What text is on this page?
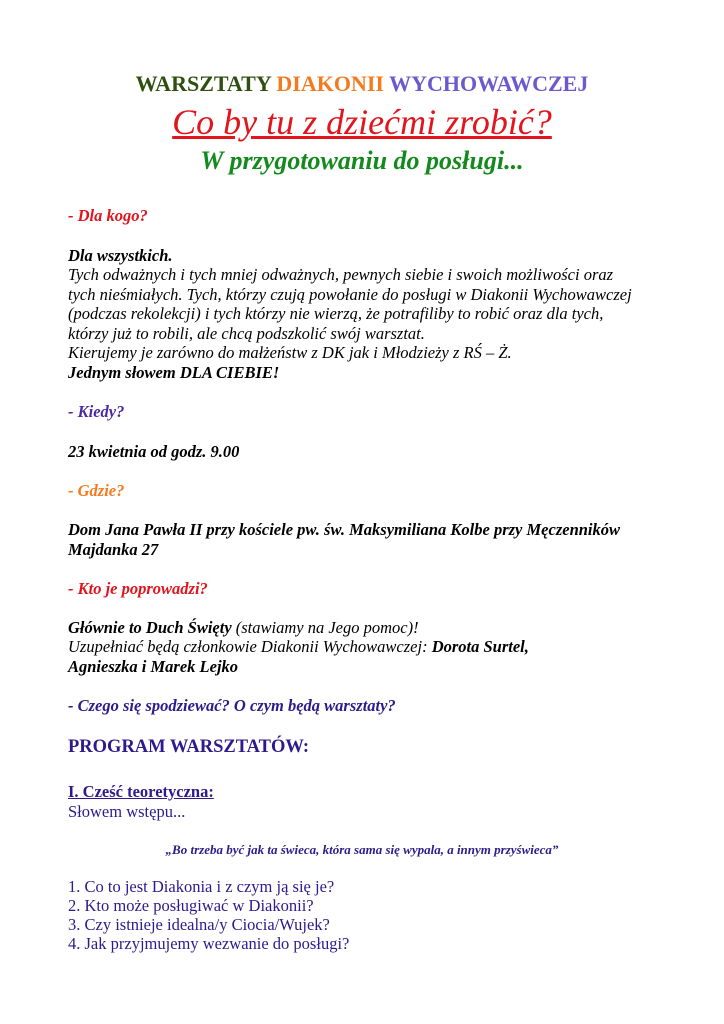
WARSZTATY DIAKONII WYCHOWAWCZEJ
Co by tu z dziećmi zrobić?
W przygotowaniu do posługi...
- Dla kogo?
Dla wszystkich.
Tych odważnych i tych mniej odważnych, pewnych siebie i swoich możliwości oraz
tych nieśmiałych. Tych, którzy czują powołanie do posługi w Diakonii Wychowawczej
(podczas rekolekcji) i tych którzy nie wierzą, że potrafiliby to robić oraz dla tych,
którzy już to robili, ale chcą podszkolić swój warsztat.
Kierujemy je zarówno do małżeństw z DK jak i Młodzieży z RŚ – Ż.
Jednym słowem DLA CIEBIE!
- Kiedy?
23 kwietnia od godz. 9.00
- Gdzie?
Dom Jana Pawła II przy kościele pw. św. Maksymiliana Kolbe przy Męczenników
Majdanka 27
- Kto je poprowadzi?
Głównie to Duch Święty (stawiamy na Jego pomoc)!
Uzupełniać będą członkowie Diakonii Wychowawczej: Dorota Surtel,
Agnieszka i Marek Lejko
- Czego się spodziewać? O czym będą warsztaty?
PROGRAM WARSZTATÓW:
I. Cześć teoretyczna:
Słowem wstępu...
„Bo trzeba być jak ta świeca, która sama się wypala, a innym przyświeca”
1. Co to jest Diakonia i z czym ją się je?
2. Kto może posługiwać w Diakonii?
3. Czy istnieje idealna/y Ciocia/Wujek?
4. Jak przyjmujemy wezwanie do posługi?
